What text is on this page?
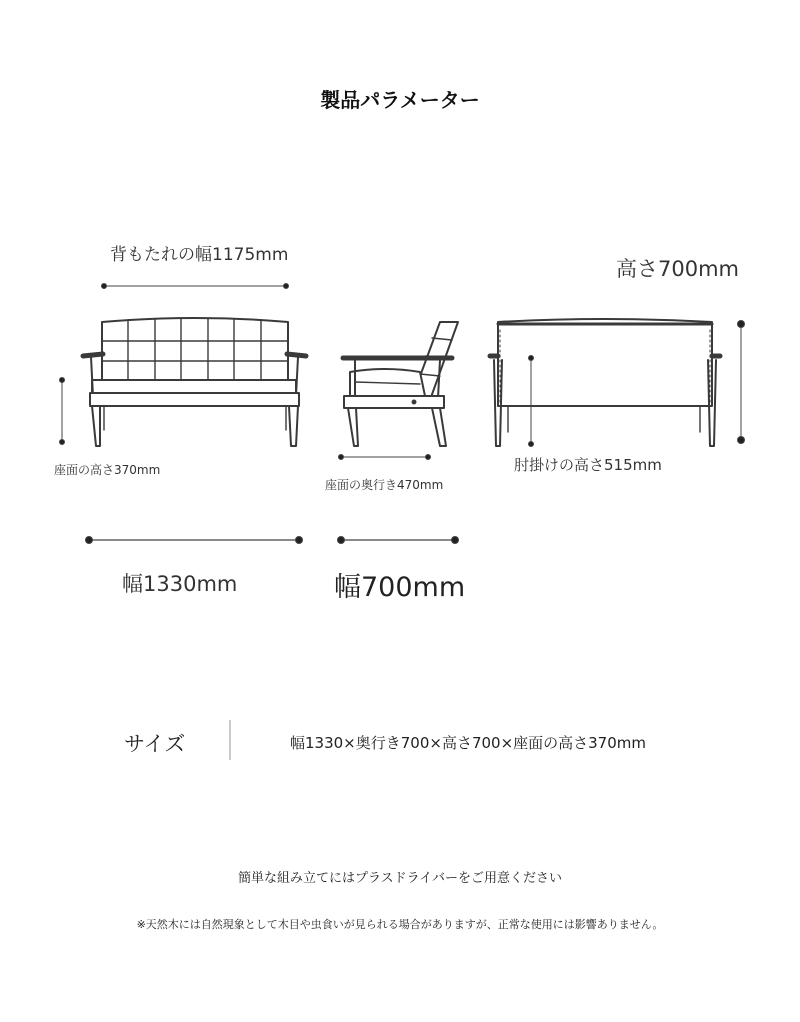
製品パラメーター
背もたれの幅1175mm
高さ700mm
座面の高さ370mm
座面の奥行き470mm
肘掛けの高さ515mm
幅1330mm	幅700mm
サイズ	幅1330×奥行き700×高さ700×座面の高さ370mm
簡単な組み立てにはプラスドライバーをご用意ください
※天然木には自然現象として木目や虫食いが見られる場合がありますが、正常な使用には影響ありません。
